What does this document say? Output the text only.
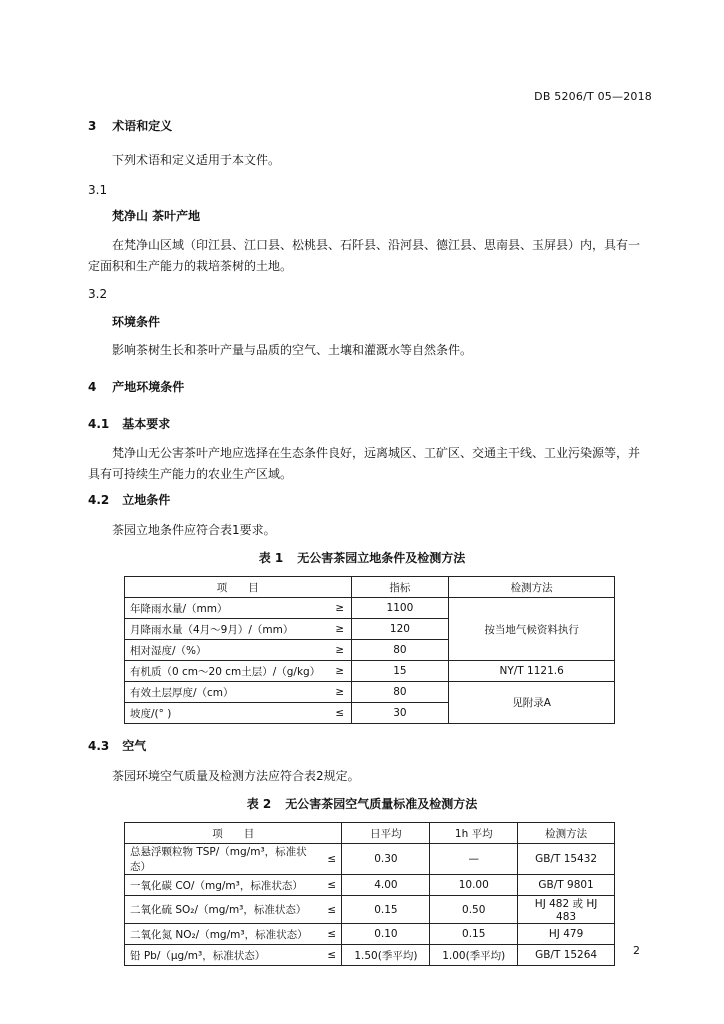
DB 5206/T 05—2018
3 术语和定义
下列术语和定义适用于本文件。
3.1
梵净山 茶叶产地
在梵净山区域（印江县、江口县、松桃县、石阡县、沿河县、德江县、思南县、玉屏县）内，具有一定面积和生产能力的栽培茶树的土地。
3.2
环境条件
影响茶树生长和茶叶产量与品质的空气、土壤和灌溉水等自然条件。
4 产地环境条件
4.1 基本要求
梵净山无公害茶叶产地应选择在生态条件良好，远离城区、工矿区、交通主干线、工业污染源等，并具有可持续生产能力的农业生产区域。
4.2 立地条件
茶园立地条件应符合表1要求。
表 1 无公害茶园立地条件及检测方法
项　　目		指标	检测方法
年降雨水量/（mm）	≥	1100	按当地气候资料执行
月降雨水量（4月～9月）/（mm）	≥	120	
相对湿度/（%）	≥	80	
有机质（0 cm～20 cm土层）/（g/kg）	≥	15	NY/T 1121.6
有效土层厚度/（cm）	≥	80	见附录A
坡度/(° )	≤	30	
4.3 空气
茶园环境空气质量及检测方法应符合表2规定。
表 2 无公害茶园空气质量标准及检测方法
项　　目		日平均	1h 平均	检测方法
总悬浮颗粒物 TSP/（mg/m³，标准状态）	≤	0.30	—	GB/T 15432
一氧化碳 CO/（mg/m³，标准状态）	≤	4.00	10.00	GB/T 9801
二氧化硫 SO₂/（mg/m³，标准状态）	≤	0.15	0.50	HJ 482 或 HJ 483
二氧化氮 NO₂/（mg/m³，标准状态）	≤	0.10	0.15	HJ 479
铅 Pb/（μg/m³，标准状态）	≤	1.50(季平均)	1.00(季平均)	GB/T 15264	2
